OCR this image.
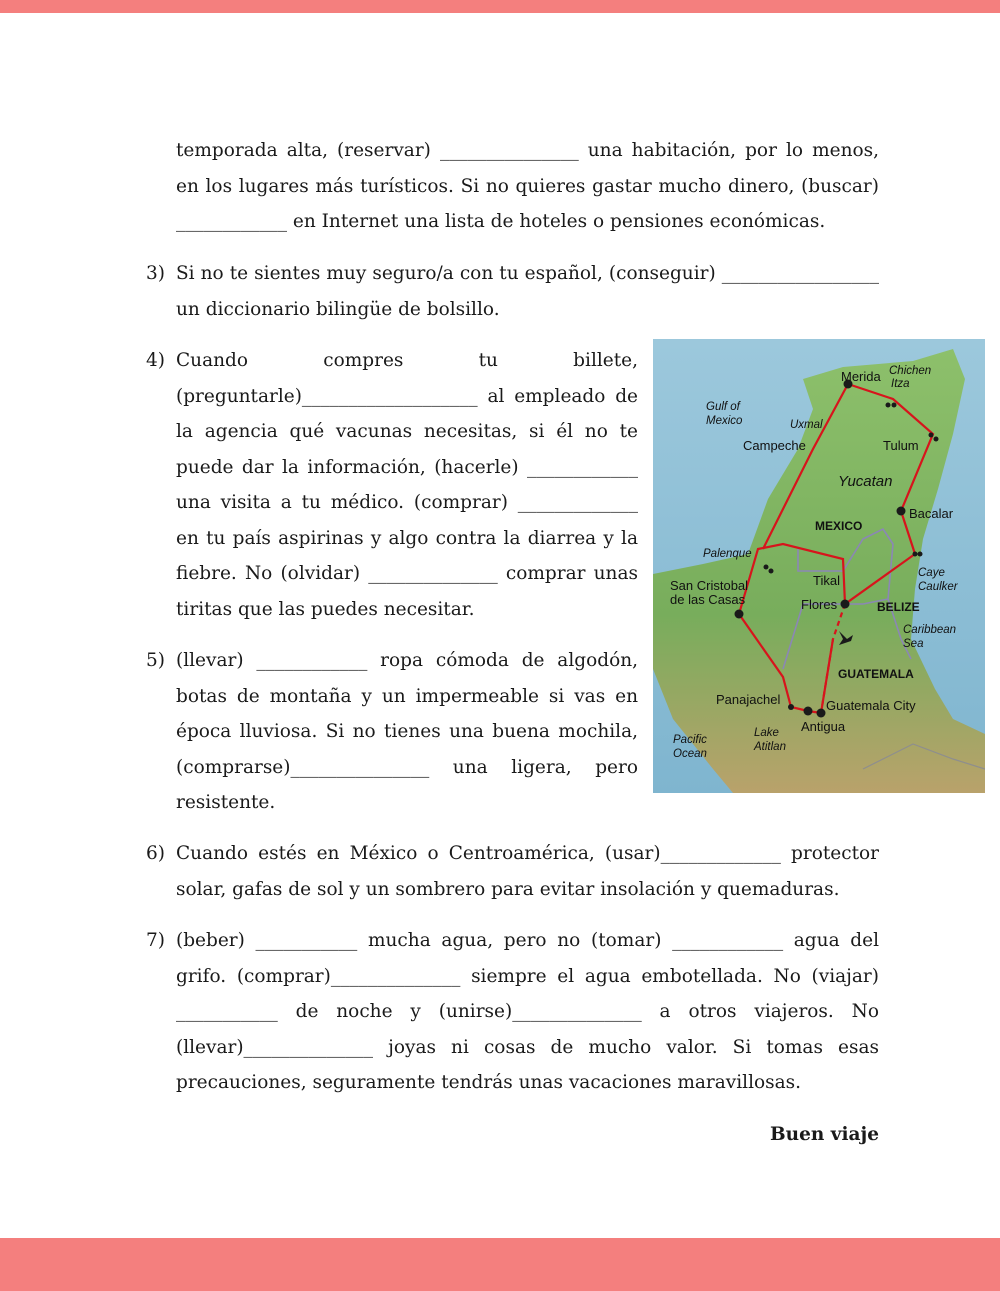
temporada alta, (reservar) _______________ una habitación, por lo menos, en los lugares más turísticos. Si no quieres gastar mucho dinero, (buscar) ____________ en Internet una lista de hoteles o pensiones económicas.
3) Si no te sientes muy seguro/a con tu español, (conseguir) _________________ un diccionario bilingüe de bolsillo.
4) Cuando compres tu billete, (preguntarle)___________________ al empleado de la agencia qué vacunas necesitas, si él no te puede dar la información, (hacerle) ____________ una visita a tu médico. (comprar) _____________ en tu país aspirinas y algo contra la diarrea y la fiebre. No (olvidar) ______________ comprar unas tiritas que las puedes necesitar.
5) (llevar) ____________ ropa cómoda de algodón, botas de montaña y un impermeable si vas en época lluviosa. Si no tienes una buena mochila, (comprarse)_______________ una ligera, pero resistente.
6) Cuando estés en México o Centroamérica, (usar)_____________ protector solar, gafas de sol y un sombrero para evitar insolación y quemaduras.
7) (beber) ___________ mucha agua, pero no (tomar) ____________ agua del grifo. (comprar)______________ siempre el agua embotellada. No (viajar) ___________ de noche y (unirse)______________ a otros viajeros. No (llevar)______________ joyas ni cosas de mucho valor. Si tomas esas precauciones, seguramente tendrás unas vacaciones maravillosas.
Buen viaje
Merida Chichen
Itza
Gulf of
Mexico	Uxmal
Campeche	Tulum
Yucatan
Bacalar
MEXICO
Palenque
Caye
Caulker
Tikal
San Cristobal
de las Casas	Flores	BELIZE
Caribbean
Sea
GUATEMALA
Panajachel	Guatemala City
Antigua
Lake
Atitlan
Pacific
Ocean
